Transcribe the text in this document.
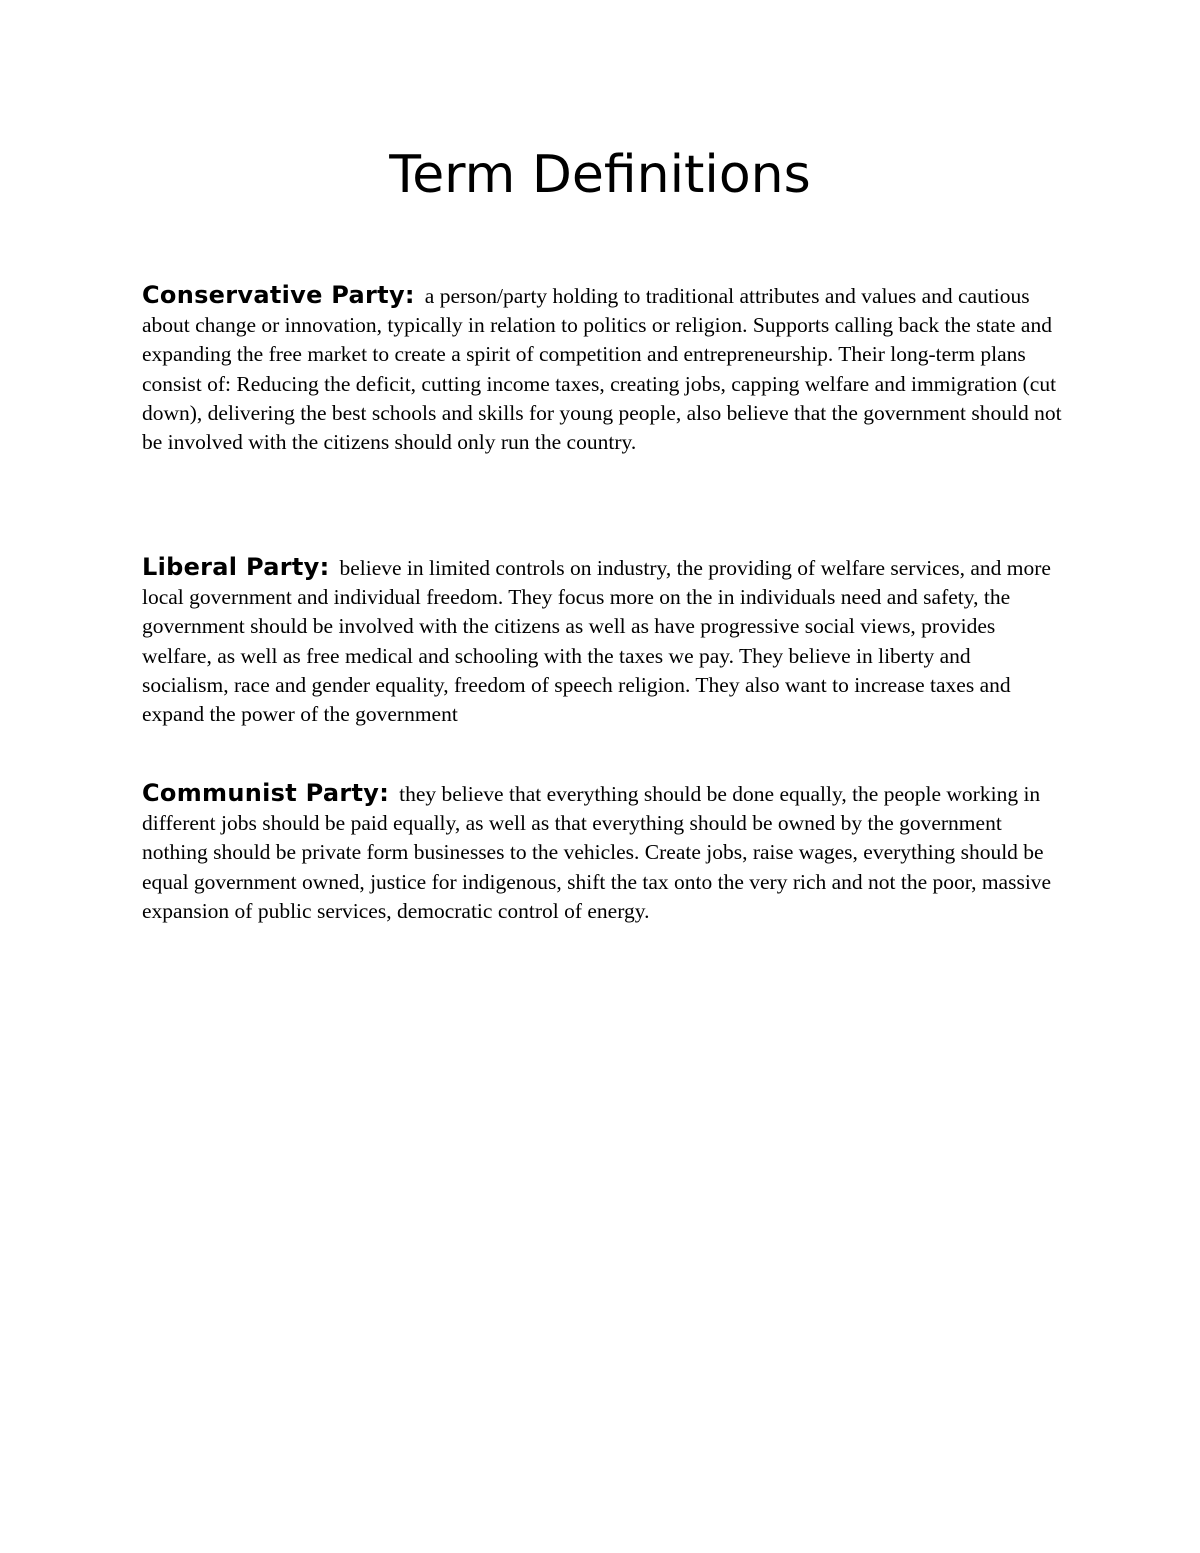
Term Definitions

Conservative Party: a person/party holding to traditional attributes and values and cautious about change or innovation, typically in relation to politics or religion. Supports calling back the state and expanding the free market to create a spirit of competition and entrepreneurship. Their long-term plans consist of: Reducing the deficit, cutting income taxes, creating jobs, capping welfare and immigration (cut down), delivering the best schools and skills for young people, also believe that the government should not be involved with the citizens should only run the country.

Liberal Party: believe in limited controls on industry, the providing of welfare services, and more local government and individual freedom. They focus more on the in individuals need and safety, the government should be involved with the citizens as well as have progressive social views, provides welfare, as well as free medical and schooling with the taxes we pay. They believe in liberty and socialism, race and gender equality, freedom of speech religion. They also want to increase taxes and expand the power of the government

Communist Party: they believe that everything should be done equally, the people working in different jobs should be paid equally, as well as that everything should be owned by the government nothing should be private form businesses to the vehicles. Create jobs, raise wages, everything should be equal government owned, justice for indigenous, shift the tax onto the very rich and not the poor, massive expansion of public services, democratic control of energy.
